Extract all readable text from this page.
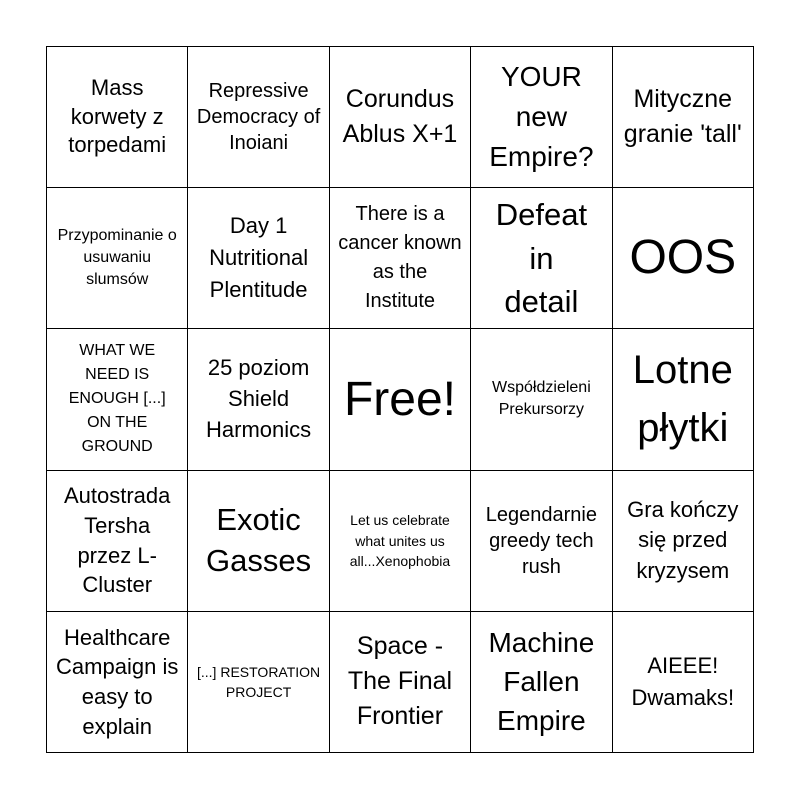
Mass korwety z torpedami
Repressive Democracy of Inoiani
Corundus Ablus X+1
YOUR new Empire?
Mityczne granie 'tall'
Przypominanie o usuwaniu slumsów
Day 1 Nutritional Plentitude
There is a cancer known as the Institute
Defeat in detail
OOS
WHAT WE NEED IS ENOUGH [...] ON THE GROUND
25 poziom Shield Harmonics
Free!	Współdzieleni Prekursorzy
Lotne płytki
Autostrada Tersha przez L-Cluster
Exotic Gasses
Let us celebrate what unites us all...Xenophobia
Legendarnie greedy tech rush
Gra kończy się przed kryzysem
Healthcare Campaign is easy to explain
[...] RESTORATION PROJECT
Space - The Final Frontier
Machine Fallen Empire
AIEEE! Dwamaks!
